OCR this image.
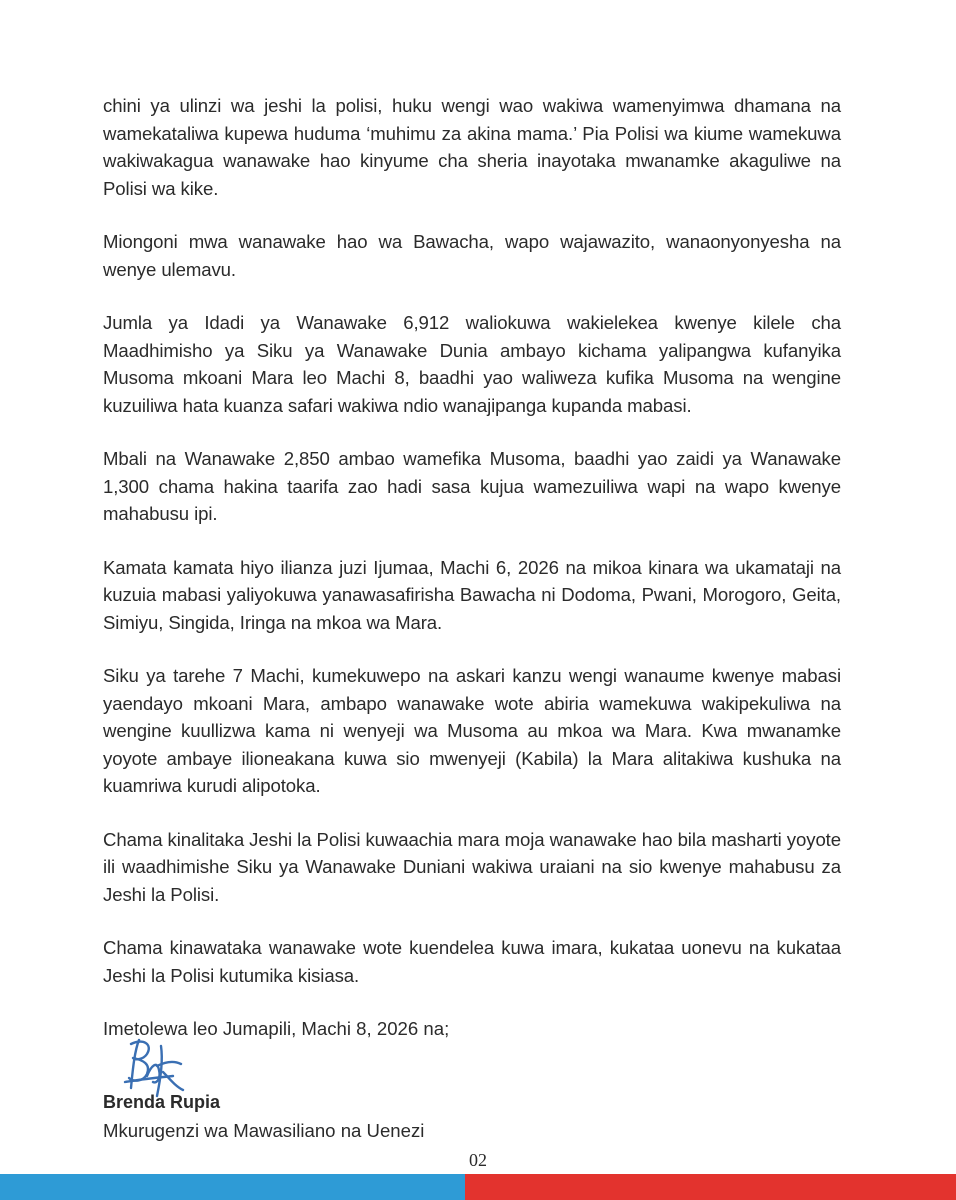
chini ya ulinzi wa jeshi la polisi, huku wengi wao wakiwa wamenyimwa dhamana na wamekataliwa kupewa huduma ‘muhimu za akina mama.’ Pia Polisi wa kiume wamekuwa wakiwakagua wanawake hao kinyume cha sheria inayotaka mwanamke akaguliwe na Polisi wa kike.

Miongoni mwa wanawake hao wa Bawacha, wapo wajawazito, wanaonyonyesha na wenye ulemavu.

Jumla ya Idadi ya Wanawake 6,912 waliokuwa wakielekea kwenye kilele cha Maadhimisho ya Siku ya Wanawake Dunia ambayo kichama yalipangwa kufanyika Musoma mkoani Mara leo Machi 8, baadhi yao waliweza kufika Musoma na wengine kuzuiliwa hata kuanza safari wakiwa ndio wanajipanga kupanda mabasi.

Mbali na Wanawake 2,850 ambao wamefika Musoma, baadhi yao zaidi ya Wanawake 1,300 chama hakina taarifa zao hadi sasa kujua wamezuiliwa wapi na wapo kwenye mahabusu ipi.

Kamata kamata hiyo ilianza juzi Ijumaa, Machi 6, 2026 na mikoa kinara wa ukamataji na kuzuia mabasi yaliyokuwa yanawasafirisha Bawacha ni Dodoma, Pwani, Morogoro, Geita, Simiyu, Singida, Iringa na mkoa wa Mara.

Siku ya tarehe 7 Machi, kumekuwepo na askari kanzu wengi wanaume kwenye mabasi yaendayo mkoani Mara, ambapo wanawake wote abiria wamekuwa wakipekuliwa na wengine kuullizwa kama ni wenyeji wa Musoma au mkoa wa Mara. Kwa mwanamke yoyote ambaye ilioneakana kuwa sio mwenyeji (Kabila) la Mara alitakiwa kushuka na kuamriwa kurudi alipotoka.

Chama kinalitaka Jeshi la Polisi kuwaachia mara moja wanawake hao bila masharti yoyote ili waadhimishe Siku ya Wanawake Duniani wakiwa uraiani na sio kwenye mahabusu za Jeshi la Polisi.

Chama kinawataka wanawake wote kuendelea kuwa imara, kukataa uonevu na kukataa Jeshi la Polisi kutumika kisiasa.

Imetolewa leo Jumapili, Machi 8, 2026 na;

Brenda Rupia

Mkurugenzi wa Mawasiliano na Uenezi

02
